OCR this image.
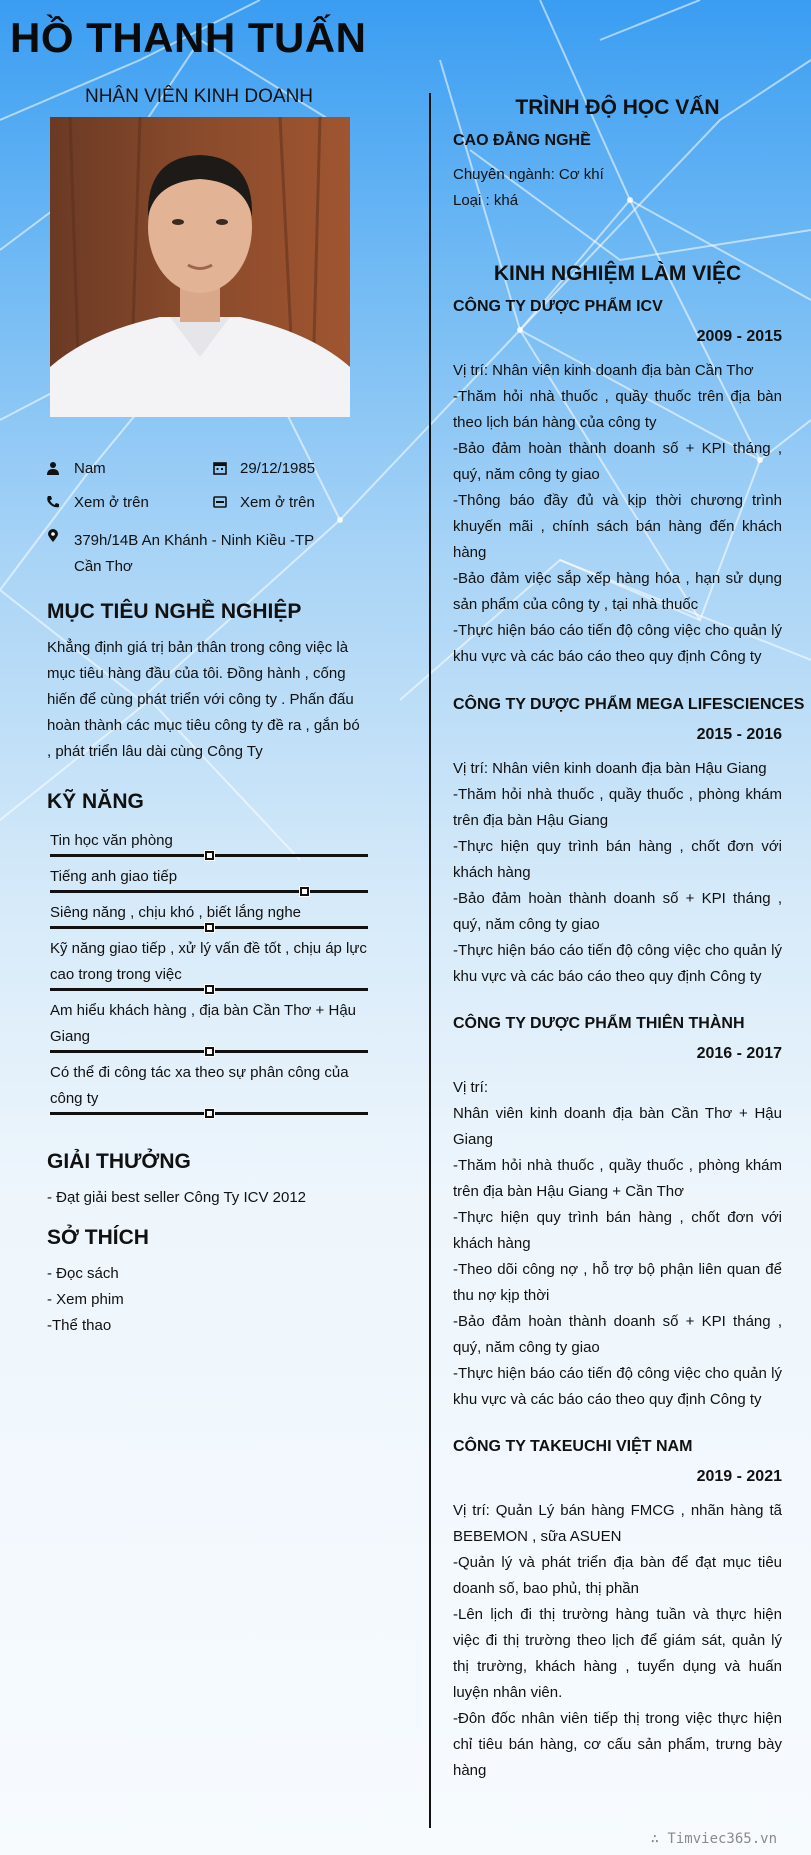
HỒ THANH TUẤN
NHÂN VIÊN KINH DOANH
Nam	29/12/1985
Xem ở trên	Xem ở trên
379h/14B An Khánh - Ninh Kiều -TP
Cần Thơ
MỤC TIÊU NGHỀ NGHIỆP
Khẳng định giá trị bản thân trong công việc là
mục tiêu hàng đầu của tôi. Đồng hành , cống
hiến để cùng phát triển với công ty . Phấn đấu
hoàn thành các mục tiêu công ty đề ra , gắn bó
, phát triển lâu dài cùng Công Ty
KỸ NĂNG
Tin học văn phòng
Tiếng anh giao tiếp
Siêng năng , chịu khó , biết lắng nghe
Kỹ năng giao tiếp , xử lý vấn đề tốt , chịu áp lực
cao trong trong việc
Am hiểu khách hàng , địa bàn Cần Thơ + Hậu
Giang
Có thể đi công tác xa theo sự phân công của
công ty
GIẢI THƯỞNG
- Đạt giải best seller Công Ty ICV 2012
SỞ THÍCH
- Đọc sách
- Xem phim
-Thể thao
TRÌNH ĐỘ HỌC VẤN
CAO ĐẲNG NGHỀ
Chuyên ngành: Cơ khí
Loại : khá
KINH NGHIỆM LÀM VIỆC
CÔNG TY DƯỢC PHẨM ICV
2009 - 2015
Vị trí: Nhân viên kinh doanh địa bàn Cần Thơ
-Thăm hỏi nhà thuốc , quầy thuốc trên địa bàn theo lịch bán hàng của công ty
-Bảo đảm hoàn thành doanh số + KPI tháng , quý, năm công ty giao
-Thông báo đầy đủ và kịp thời chương trình khuyến mãi , chính sách bán hàng đến khách hàng
-Bảo đảm việc sắp xếp hàng hóa , hạn sử dụng sản phẩm của công ty , tại nhà thuốc
-Thực hiện báo cáo tiến độ công việc cho quản lý khu vực và các báo cáo theo quy định Công ty
CÔNG TY DƯỢC PHẨM MEGA LIFESCIENCES
2015 - 2016
Vị trí: Nhân viên kinh doanh địa bàn Hậu Giang
-Thăm hỏi nhà thuốc , quầy thuốc , phòng khám trên địa bàn Hậu Giang
-Thực hiện quy trình bán hàng , chốt đơn với khách hàng
-Bảo đảm hoàn thành doanh số + KPI tháng , quý, năm công ty giao
-Thực hiện báo cáo tiến độ công việc cho quản lý khu vực và các báo cáo theo quy định Công ty
CÔNG TY DƯỢC PHẨM THIÊN THÀNH
2016 - 2017
Vị trí:
Nhân viên kinh doanh địa bàn Cần Thơ + Hậu Giang
-Thăm hỏi nhà thuốc , quầy thuốc , phòng khám trên địa bàn Hậu Giang + Cần Thơ
-Thực hiện quy trình bán hàng , chốt đơn với khách hàng
-Theo dõi công nợ , hỗ trợ bộ phận liên quan để thu nợ kịp thời
-Bảo đảm hoàn thành doanh số + KPI tháng , quý, năm công ty giao
-Thực hiện báo cáo tiến độ công việc cho quản lý khu vực và các báo cáo theo quy định Công ty
CÔNG TY TAKEUCHI VIỆT NAM
2019 - 2021
Vị trí: Quản Lý bán hàng FMCG , nhãn hàng tã BEBEMON , sữa ASUEN
-Quản lý và phát triển địa bàn để đạt mục tiêu doanh số, bao phủ, thị phần
-Lên lịch đi thị trường hàng tuần và thực hiện việc đi thị trường theo lịch để giám sát, quản lý thị trường, khách hàng , tuyển dụng và huấn luyện nhân viên.
-Đôn đốc nhân viên tiếp thị trong việc thực hiện chỉ tiêu bán hàng, cơ cấu sản phẩm, trưng bày hàng
∴ Timviec365.vn
